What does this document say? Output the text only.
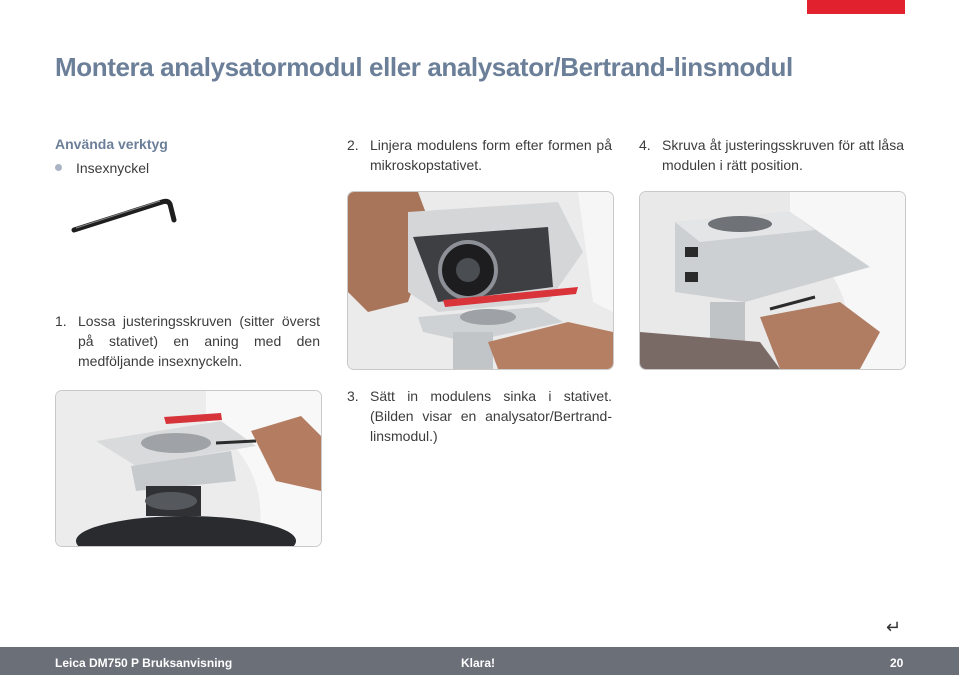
Montera analysatormodul eller analysator/Bertrand-linsmodul
Använda verktyg
Insexnyckel
1. Lossa justeringsskruven (sitter överst på stativet) en aning med den medföljande insexnyckeln.
2. Linjera modulens form efter formen på mikroskopstativet.
3. Sätt in modulens sinka i stativet. (Bilden visar en analysator/Bertrand-linsmodul.)
4. Skruva åt justeringsskruven för att låsa modulen i rätt position.
↵
Leica DM750 P Bruksanvisning	Klara!	20
